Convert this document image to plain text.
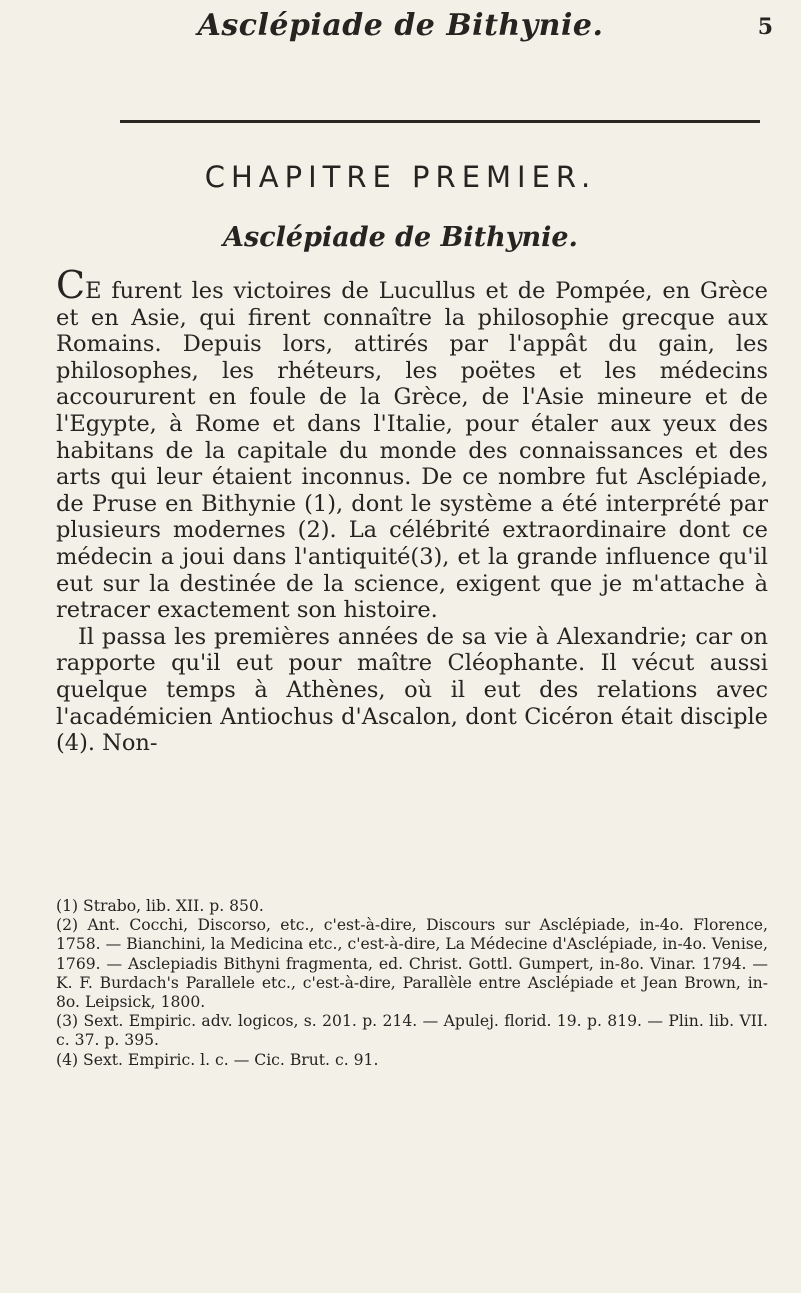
Asclépiade de Bithynie.	5
CHAPITRE PREMIER.
Asclépiade de Bithynie.

CE furent les victoires de Lucullus et de Pompée, en Grèce et en Asie, qui firent connaître la philosophie grecque aux Romains. Depuis lors, attirés par l'appât du gain, les philosophes, les rhéteurs, les poëtes et les médecins accoururent en foule de la Grèce, de l'Asie mineure et de l'Egypte, à Rome et dans l'Italie, pour étaler aux yeux des habitans de la capitale du monde des connaissances et des arts qui leur étaient inconnus. De ce nombre fut Asclépiade, de Pruse en Bithynie (1), dont le système a été interprété par plusieurs modernes (2). La célébrité extraordinaire dont ce médecin a joui dans l'antiquité(3), et la grande influence qu'il eut sur la destinée de la science, exigent que je m'attache à retracer exactement son histoire.

Il passa les premières années de sa vie à Alexandrie; car on rapporte qu'il eut pour maître Cléophante. Il vécut aussi quelque temps à Athènes, où il eut des relations avec l'académicien Antiochus d'Ascalon, dont Cicéron était disciple (4). Non-

(1) Strabo, lib. XII. p. 850.

(2) Ant. Cocchi, Discorso, etc., c'est-à-dire, Discours sur Asclépiade, in-4o. Florence, 1758. — Bianchini, la Medicina etc., c'est-à-dire, La Médecine d'Asclépiade, in-4o. Venise, 1769. — Asclepiadis Bithyni fragmenta, ed. Christ. Gottl. Gumpert, in-8o. Vinar. 1794. — K. F. Burdach's Parallele etc., c'est-à-dire, Parallèle entre Asclépiade et Jean Brown, in-8o. Leipsick, 1800.

(3) Sext. Empiric. adv. logicos, s. 201. p. 214. — Apulej. florid. 19. p. 819. — Plin. lib. VII. c. 37. p. 395.

(4) Sext. Empiric. l. c. — Cic. Brut. c. 91.
